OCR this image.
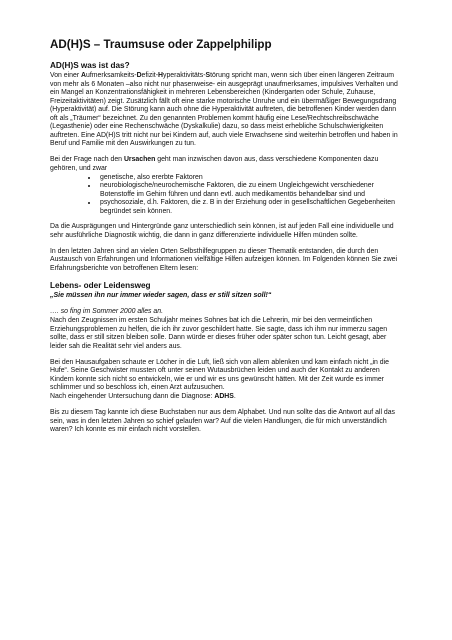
AD(H)S – Traumsuse oder Zappelphilipp
AD(H)S was ist das?

Von einer Aufmerksamkeits-Defizit-Hyperaktivitäts-Störung spricht man, wenn sich über einen längeren Zeitraum von mehr als 6 Monaten –also nicht nur phasenweise- ein ausgeprägt unaufmerksames, impulsives Verhalten und ein Mangel an Konzentrationsfähigkeit in mehreren Lebensbereichen (Kindergarten oder Schule, Zuhause, Freizeitaktivitäten) zeigt. Zusätzlich fällt oft eine starke motorische Unruhe und ein übermäßiger Bewegungsdrang (Hyperaktivität) auf. Die Störung kann auch ohne die Hyperaktivität auftreten, die betroffenen Kinder werden dann oft als „Träumer“ bezeichnet. Zu den genannten Problemen kommt häufig eine Lese/Rechtschreibschwäche (Legasthenie) oder eine Rechenschwäche (Dyskalkulie) dazu, so dass meist erhebliche Schulschwierigkeiten auftreten. Eine AD(H)S tritt nicht nur bei Kindern auf, auch viele Erwachsene sind weiterhin betroffen und haben in Beruf und Familie mit den Auswirkungen zu tun.

Bei der Frage nach den Ursachen geht man inzwischen davon aus, dass verschiedene Komponenten dazu gehören, und zwar

• genetische, also ererbte Faktoren
• neurobiologische/neurochemische Faktoren, die zu einem Ungleichgewicht verschiedener Botenstoffe im Gehirn führen und dann evtl. auch medikamentös behandelbar sind und
• psychosoziale, d.h. Faktoren, die z. B in der Erziehung oder in gesellschaftlichen Gegebenheiten begründet sein können.

Da die Ausprägungen und Hintergründe ganz unterschiedlich sein können, ist auf jeden Fall eine individuelle und sehr ausführliche Diagnostik wichtig, die dann in ganz differenzierte individuelle Hilfen münden sollte.

In den letzten Jahren sind an vielen Orten Selbsthilfegruppen zu dieser Thematik entstanden, die durch den Austausch von Erfahrungen und Informationen vielfältige Hilfen aufzeigen können. Im Folgenden können Sie zwei Erfahrungsberichte von betroffenen Eltern lesen:

Lebens- oder Leidensweg
„Sie müssen ihn nur immer wieder sagen, dass er still sitzen soll!“

…. so fing im Sommer 2000 alles an.

Nach den Zeugnissen im ersten Schuljahr meines Sohnes bat ich die Lehrerin, mir bei den vermeintlichen Erziehungsproblemen zu helfen, die ich ihr zuvor geschildert hatte. Sie sagte, dass ich ihm nur immerzu sagen sollte, dass er still sitzen bleiben solle. Dann würde er dieses früher oder später schon tun. Leicht gesagt, aber leider sah die Realität sehr viel anders aus.

Bei den Hausaufgaben schaute er Löcher in die Luft, ließ sich von allem ablenken und kam einfach nicht „in die Hufe“. Seine Geschwister mussten oft unter seinen Wutausbrüchen leiden und auch der Kontakt zu anderen Kindern konnte sich nicht so entwickeln, wie er und wir es uns gewünscht hätten. Mit der Zeit wurde es immer schlimmer und so beschloss ich, einen Arzt aufzusuchen.
Nach eingehender Untersuchung dann die Diagnose: ADHS.

Bis zu diesem Tag kannte ich diese Buchstaben nur aus dem Alphabet. Und nun sollte das die Antwort auf all das sein, was in den letzten Jahren so schief gelaufen war? Auf die vielen Handlungen, die für mich unverständlich waren? Ich konnte es mir einfach nicht vorstellen.
